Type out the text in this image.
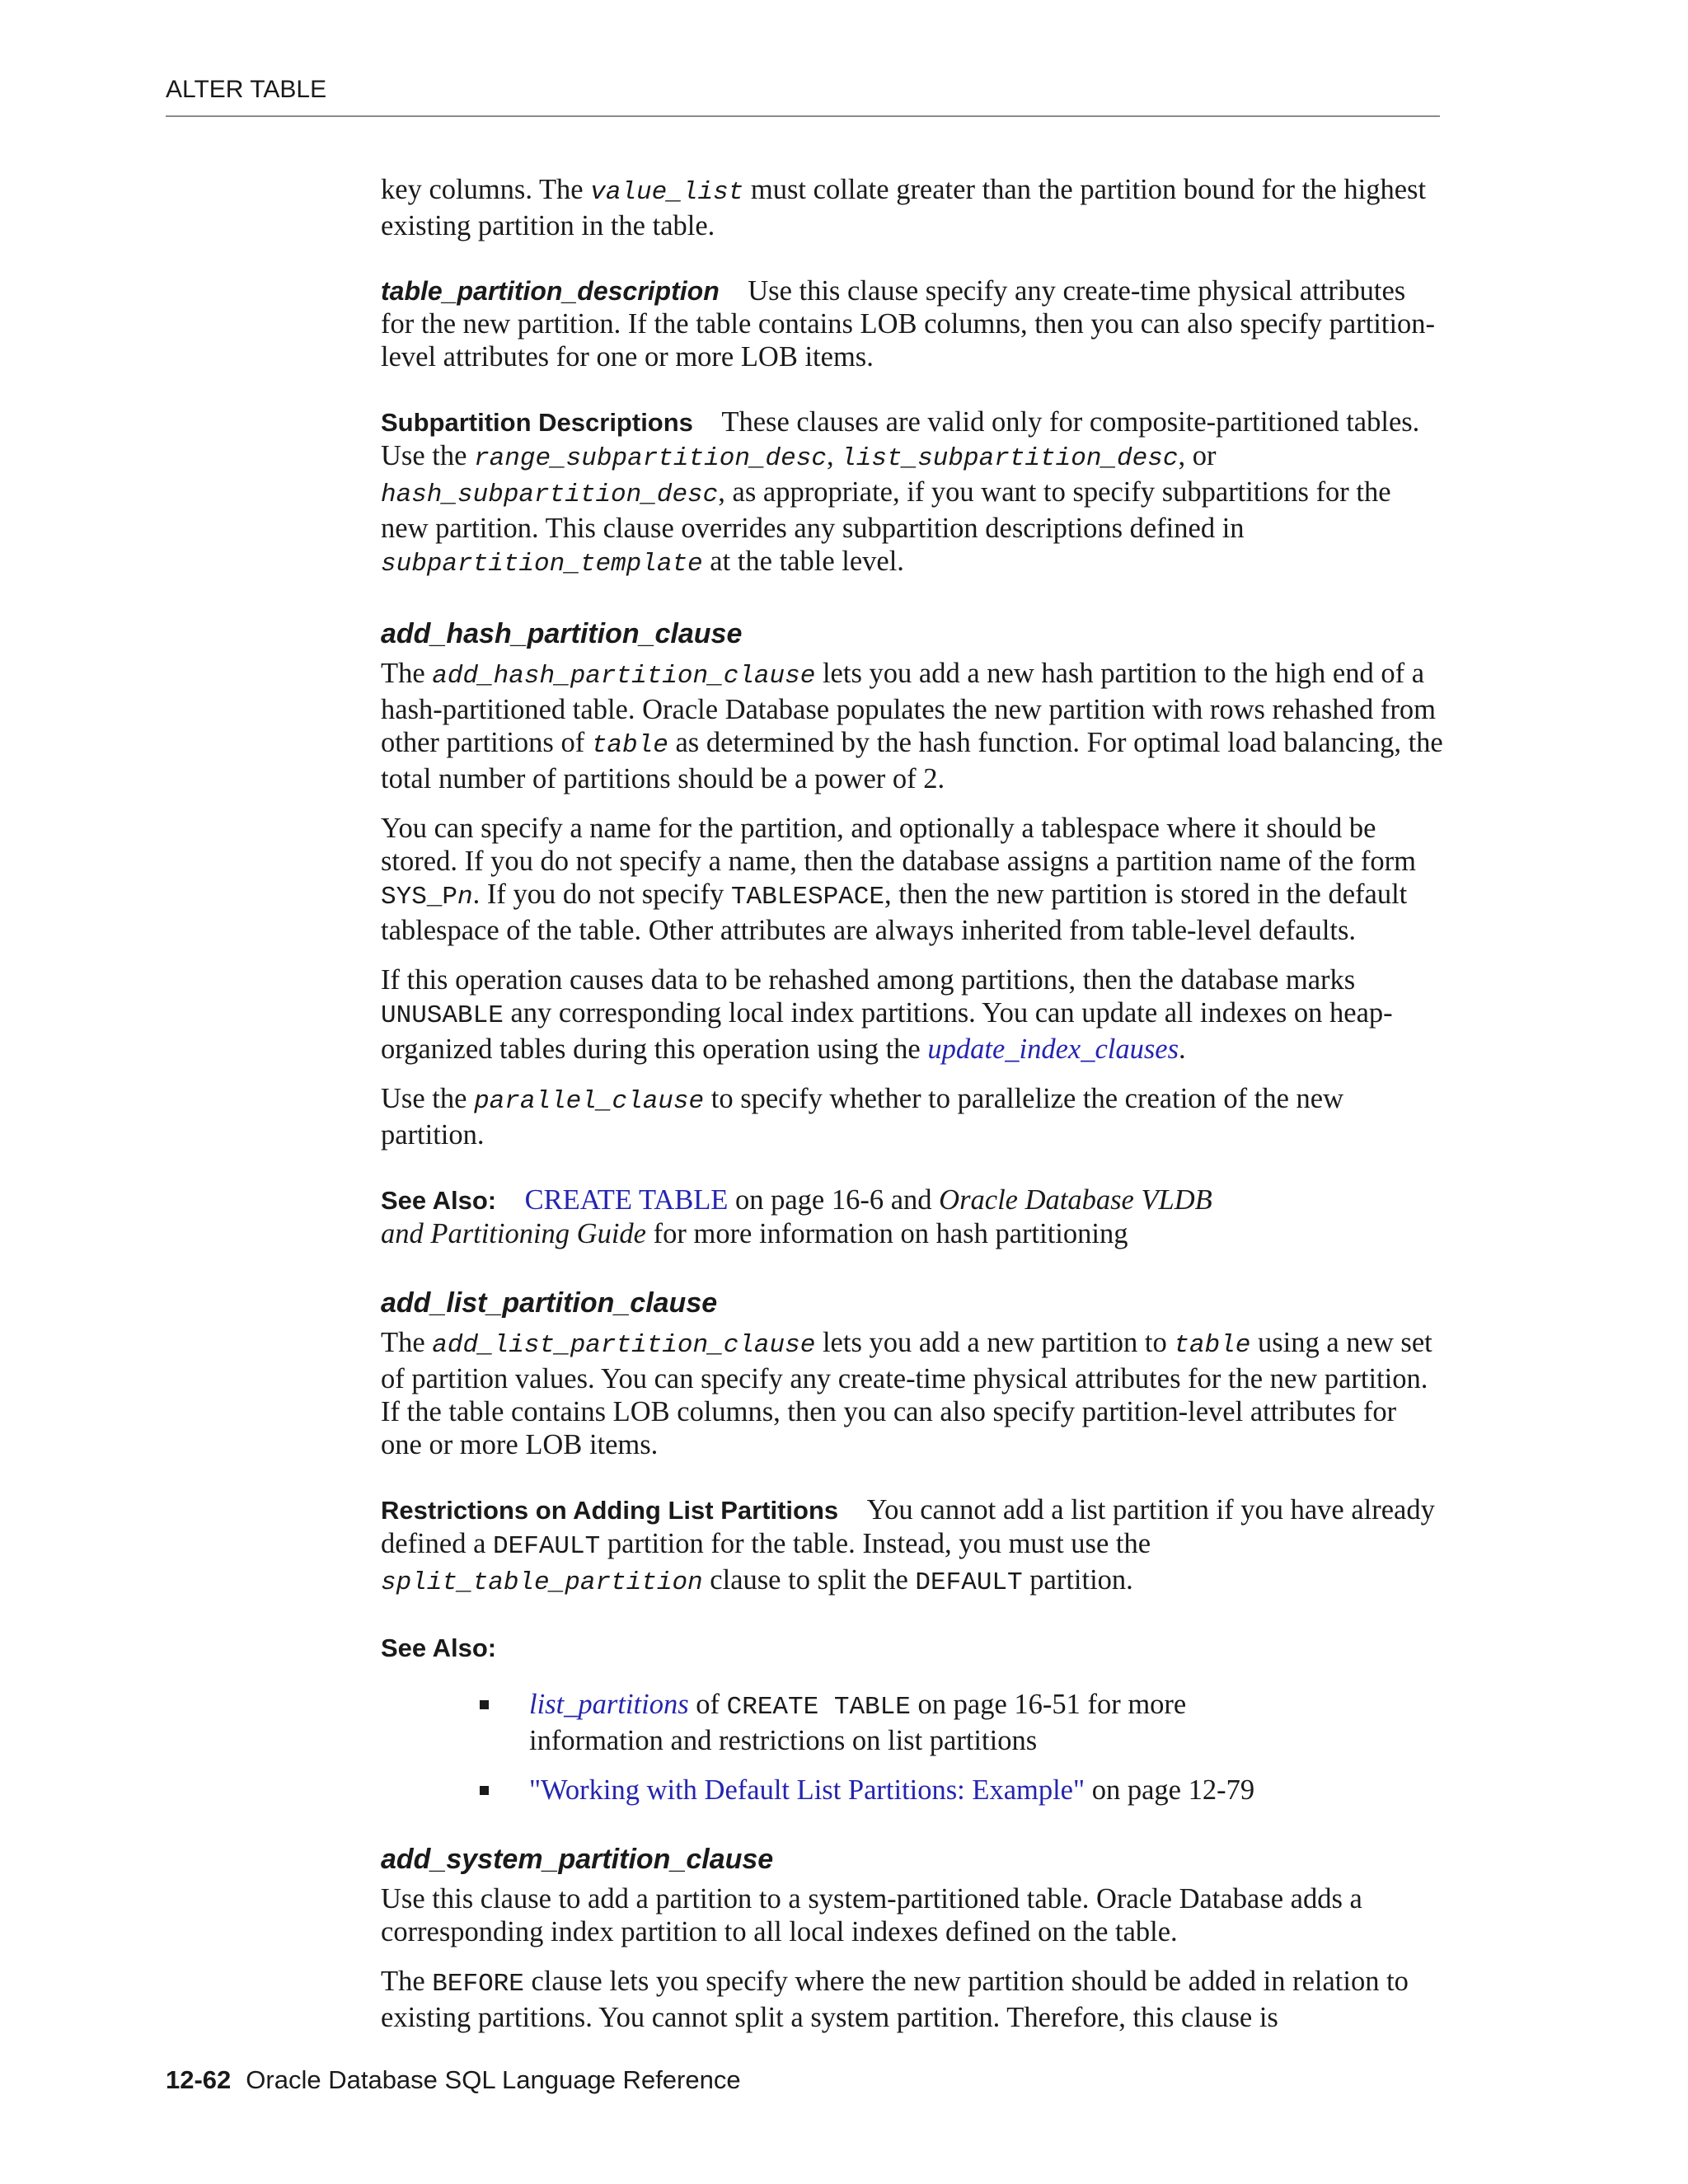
ALTER TABLE

key columns. The value_list must collate greater than the partition bound for the highest existing partition in the table.

table_partition_description  Use this clause specify any create-time physical attributes for the new partition. If the table contains LOB columns, then you can also specify partition-level attributes for one or more LOB items.

Subpartition Descriptions  These clauses are valid only for composite-partitioned tables. Use the range_subpartition_desc, list_subpartition_desc, or hash_subpartition_desc, as appropriate, if you want to specify subpartitions for the new partition. This clause overrides any subpartition descriptions defined in subpartition_template at the table level.

add_hash_partition_clause

The add_hash_partition_clause lets you add a new hash partition to the high end of a hash-partitioned table. Oracle Database populates the new partition with rows rehashed from other partitions of table as determined by the hash function. For optimal load balancing, the total number of partitions should be a power of 2.

You can specify a name for the partition, and optionally a tablespace where it should be stored. If you do not specify a name, then the database assigns a partition name of the form SYS_Pn. If you do not specify TABLESPACE, then the new partition is stored in the default tablespace of the table. Other attributes are always inherited from table-level defaults.

If this operation causes data to be rehashed among partitions, then the database marks UNUSABLE any corresponding local index partitions. You can update all indexes on heap-organized tables during this operation using the update_index_clauses.

Use the parallel_clause to specify whether to parallelize the creation of the new partition.

See Also:  CREATE TABLE on page 16-6 and Oracle Database VLDB and Partitioning Guide for more information on hash partitioning

add_list_partition_clause

The add_list_partition_clause lets you add a new partition to table using a new set of partition values. You can specify any create-time physical attributes for the new partition. If the table contains LOB columns, then you can also specify partition-level attributes for one or more LOB items.

Restrictions on Adding List Partitions  You cannot add a list partition if you have already defined a DEFAULT partition for the table. Instead, you must use the split_table_partition clause to split the DEFAULT partition.

See Also:

list_partitions of CREATE TABLE on page 16-51 for more information and restrictions on list partitions
"Working with Default List Partitions: Example" on page 12-79
add_system_partition_clause

Use this clause to add a partition to a system-partitioned table. Oracle Database adds a corresponding index partition to all local indexes defined on the table.

The BEFORE clause lets you specify where the new partition should be added in relation to existing partitions. You cannot split a system partition. Therefore, this clause is

12-62 Oracle Database SQL Language Reference
